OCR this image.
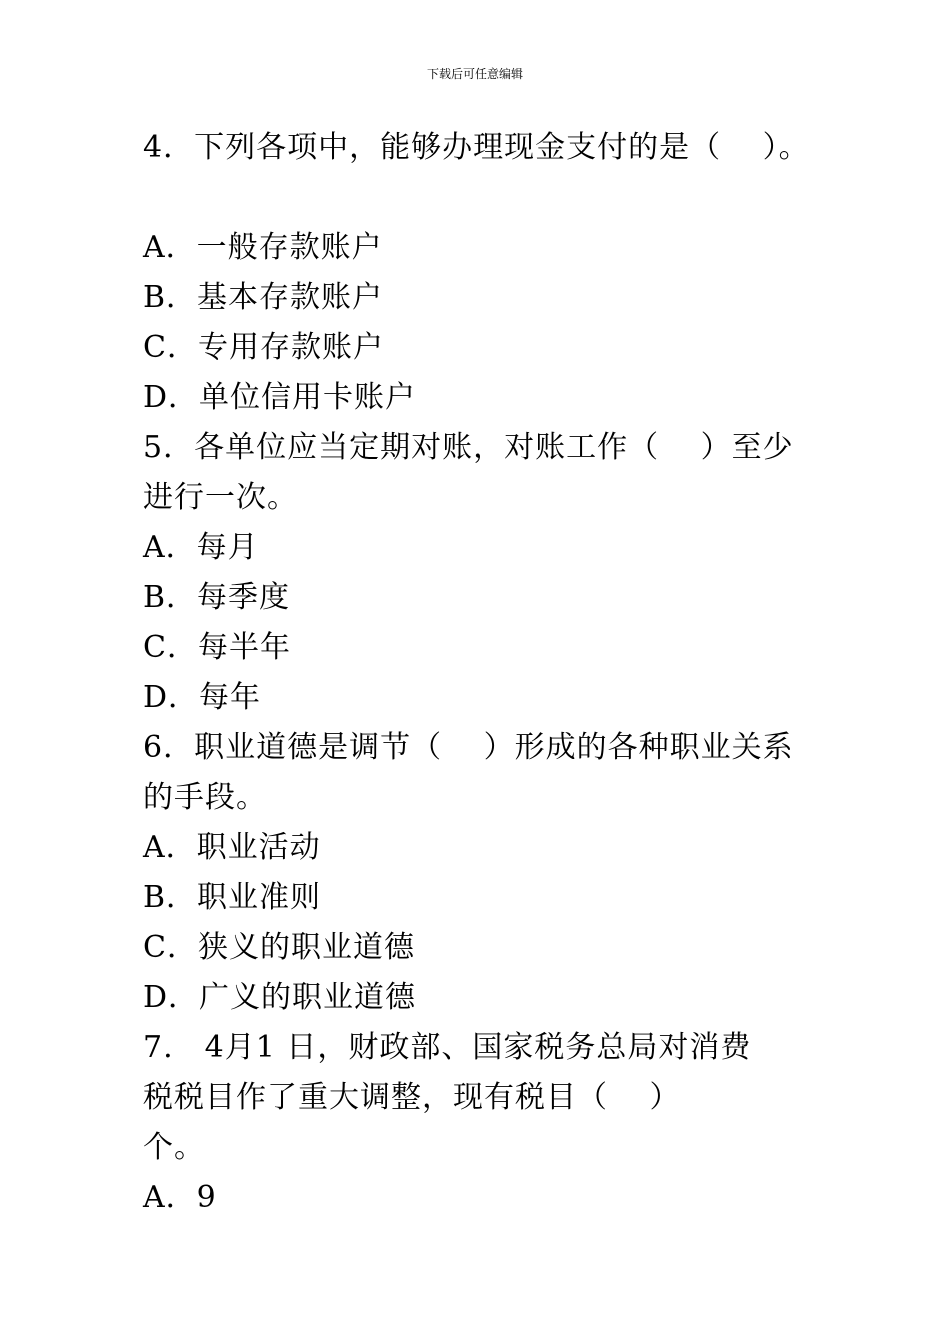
下载后可任意编辑
4．下列各项中，能够办理现金支付的是（　 ）。
A．一般存款账户
B．基本存款账户
C．专用存款账户
D．单位信用卡账户
5．各单位应当定期对账，对账工作（　 ）至少
进行一次。
A．每月
B．每季度
C．每半年
D．每年
6．职业道德是调节（　 ）形成的各种职业关系
的手段。
A．职业活动
B．职业准则
C．狭义的职业道德
D．广义的职业道德
7.　4月1 日，财政部、国家税务总局对消费
税税目作了重大调整，现有税目（　 ）
个。
A．9
